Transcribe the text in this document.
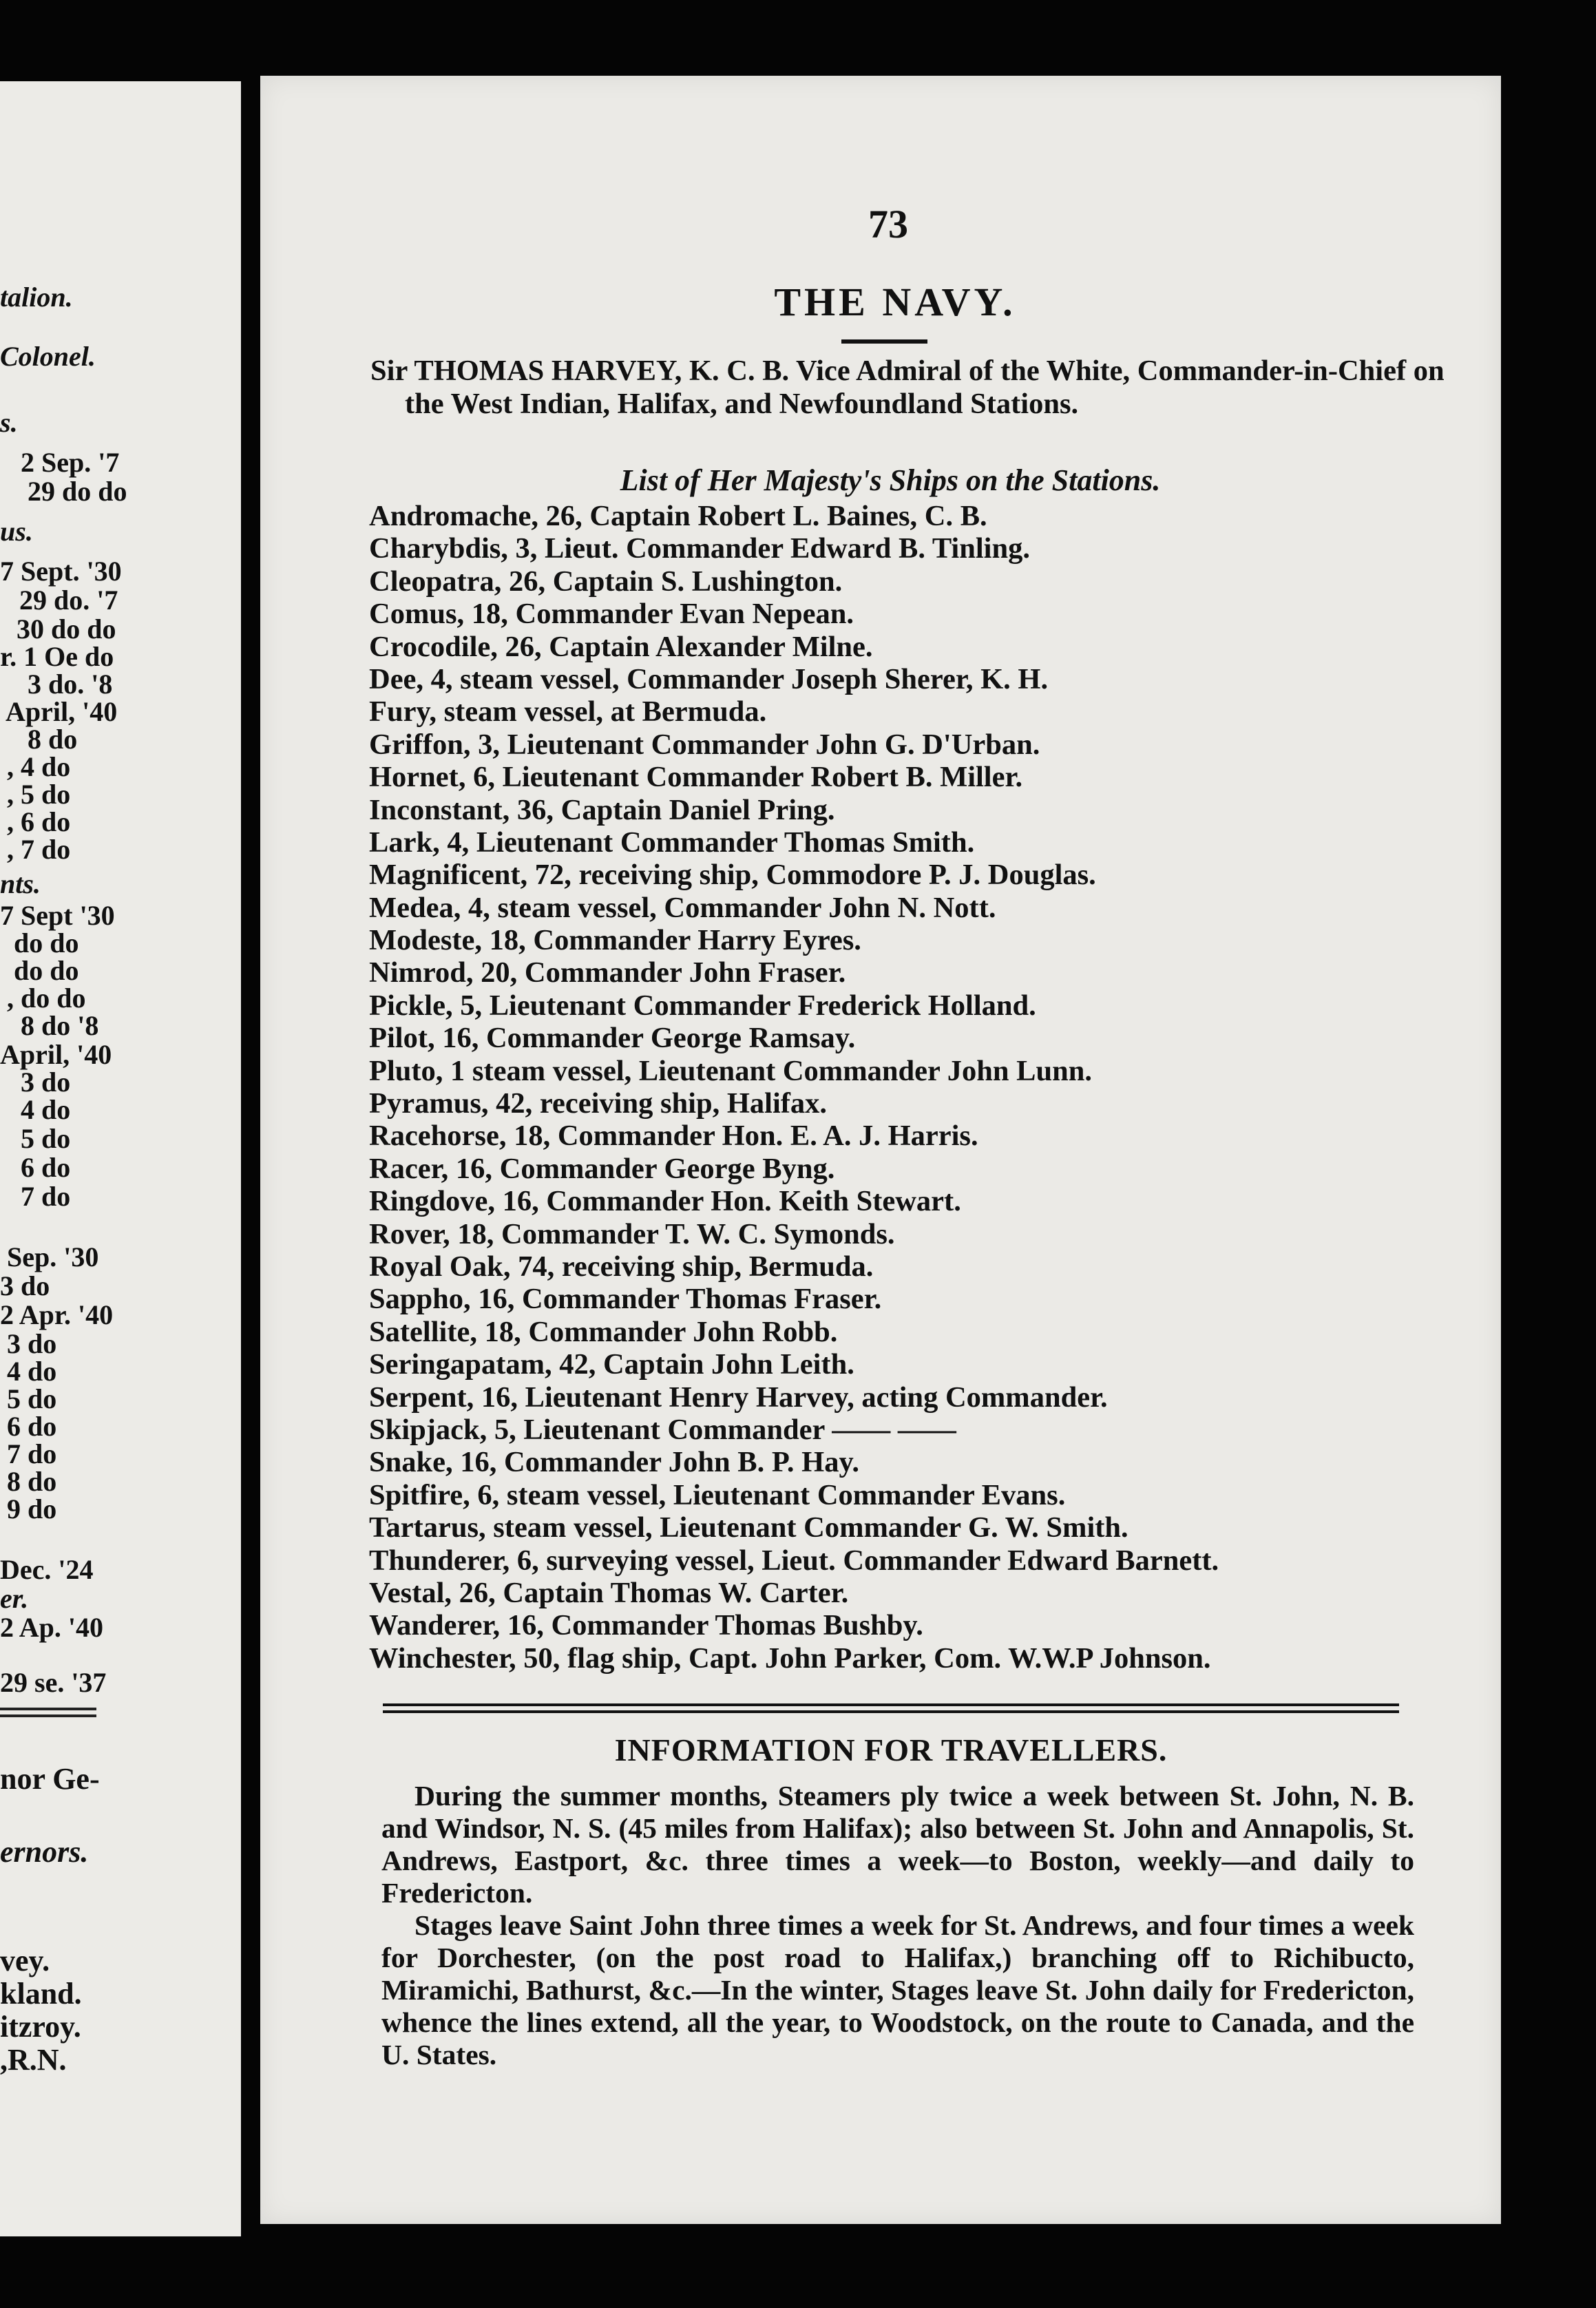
talion.
Colonel.
s.
2 Sep. '7
29 do do
us.
7 Sept. '30
29 do. '7
30 do do
r. 1 Oe do
3 do. '8
April, '40
8 do
, 4 do
, 5 do
, 6 do
, 7 do
nts.
7 Sept '30
do do
do do
, do do
8 do '8
April, '40
3 do
4 do
5 do
6 do
7 do
Sep. '30
3 do
2 Apr. '40
3 do
4 do
5 do
6 do
7 do
8 do
9 do
Dec. '24
er.
2 Ap. '40
29 se. '37
nor Ge-
ernors.
vey.
kland.
itzroy.
,R.N.
73
THE NAVY.
Sir THOMAS HARVEY, K. C. B. Vice Admiral of the White, Commander-in-Chief on the West Indian, Halifax, and Newfoundland Stations.
List of Her Majesty's Ships on the Stations.
Andromache, 26, Captain Robert L. Baines, C. B.
Charybdis, 3, Lieut. Commander Edward B. Tinling.
Cleopatra, 26, Captain S. Lushington.
Comus, 18, Commander Evan Nepean.
Crocodile, 26, Captain Alexander Milne.
Dee, 4, steam vessel, Commander Joseph Sherer, K. H.
Fury, steam vessel, at Bermuda.
Griffon, 3, Lieutenant Commander John G. D'Urban.
Hornet, 6, Lieutenant Commander Robert B. Miller.
Inconstant, 36, Captain Daniel Pring.
Lark, 4, Lieutenant Commander Thomas Smith.
Magnificent, 72, receiving ship, Commodore P. J. Douglas.
Medea, 4, steam vessel, Commander John N. Nott.
Modeste, 18, Commander Harry Eyres.
Nimrod, 20, Commander John Fraser.
Pickle, 5, Lieutenant Commander Frederick Holland.
Pilot, 16, Commander George Ramsay.
Pluto, 1 steam vessel, Lieutenant Commander John Lunn.
Pyramus, 42, receiving ship, Halifax.
Racehorse, 18, Commander Hon. E. A. J. Harris.
Racer, 16, Commander George Byng.
Ringdove, 16, Commander Hon. Keith Stewart.
Rover, 18, Commander T. W. C. Symonds.
Royal Oak, 74, receiving ship, Bermuda.
Sappho, 16, Commander Thomas Fraser.
Satellite, 18, Commander John Robb.
Seringapatam, 42, Captain John Leith.
Serpent, 16, Lieutenant Henry Harvey, acting Commander.
Skipjack, 5, Lieutenant Commander —— ——
Snake, 16, Commander John B. P. Hay.
Spitfire, 6, steam vessel, Lieutenant Commander Evans.
Tartarus, steam vessel, Lieutenant Commander G. W. Smith.
Thunderer, 6, surveying vessel, Lieut. Commander Edward Barnett.
Vestal, 26, Captain Thomas W. Carter.
Wanderer, 16, Commander Thomas Bushby.
Winchester, 50, flag ship, Capt. John Parker, Com. W.W.P Johnson.
INFORMATION FOR TRAVELLERS.

During the summer months, Steamers ply twice a week between St. John, N. B. and Windsor, N. S. (45 miles from Halifax); also between St. John and Annapolis, St. Andrews, Eastport, &c. three times a week—to Boston, weekly—and daily to Fredericton.

Stages leave Saint John three times a week for St. Andrews, and four times a week for Dorchester, (on the post road to Halifax,) branching off to Richibucto, Miramichi, Bathurst, &c.—In the winter, Stages leave St. John daily for Fredericton, whence the lines extend, all the year, to Woodstock, on the route to Canada, and the U. States.
